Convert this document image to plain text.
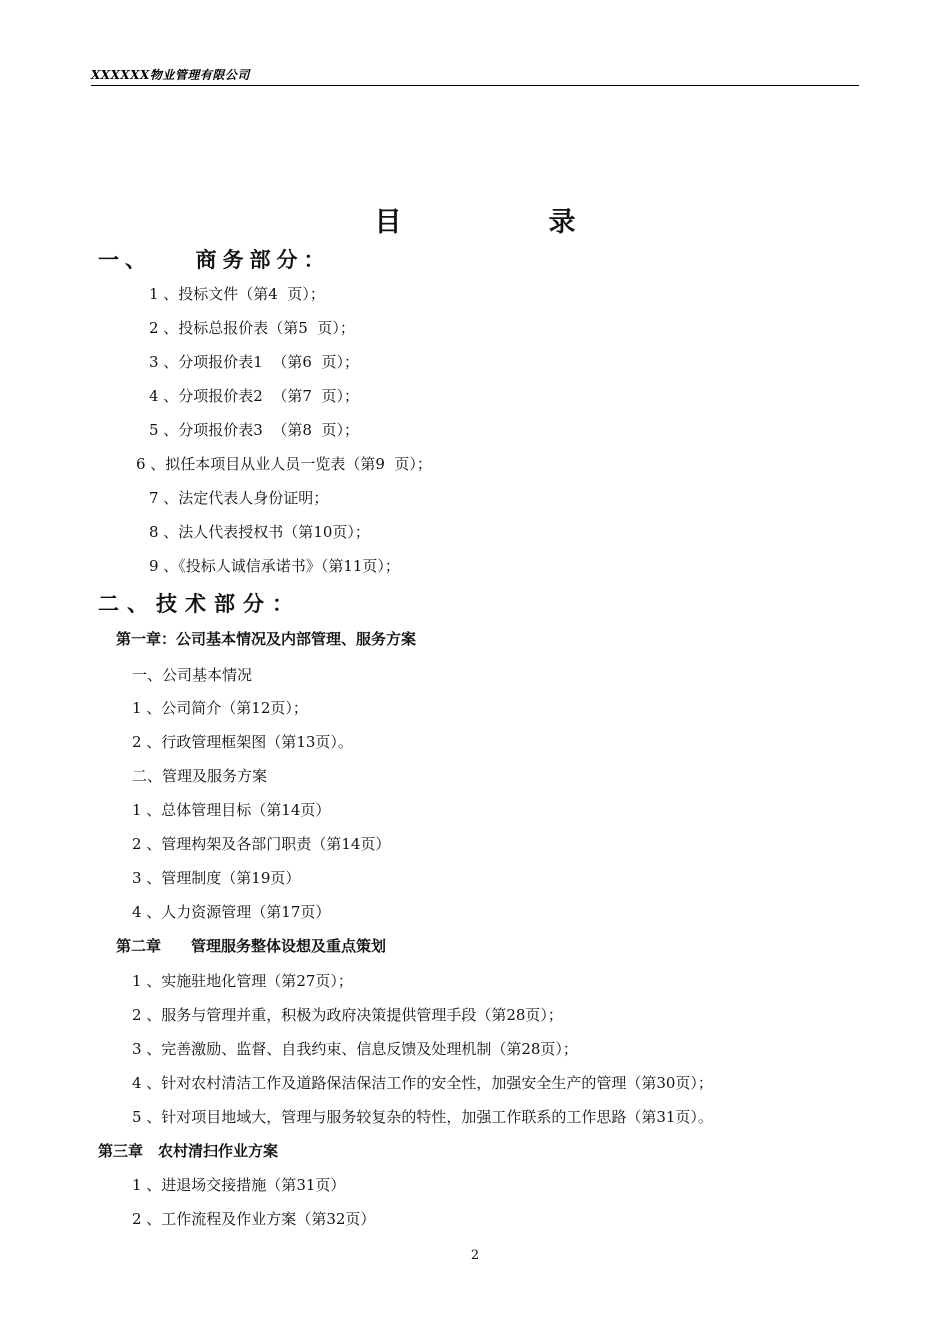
XXXXXX物业管理有限公司
目　录
一、　　商务部分：
1 、投标文件（第4  页）；
2 、投标总报价表（第5  页）；
3 、分项报价表1  （第6  页）；
4 、分项报价表2  （第7  页）；
5 、分项报价表3  （第8  页）；
6 、拟任本项目从业人员一览表（第9  页）；
7 、法定代表人身份证明；
8 、法人代表授权书（第10页）；
9 、《投标人诚信承诺书》（第11页）；
二、技术部分：
第一章：公司基本情况及内部管理、服务方案
一、公司基本情况
1 、公司简介（第12页）；
2 、行政管理框架图（第13页）。
二、管理及服务方案
1 、总体管理目标（第14页）
2 、管理构架及各部门职责（第14页）
3 、管理制度（第19页）
4 、人力资源管理（第17页）
第二章　　管理服务整体设想及重点策划
1 、实施驻地化管理（第27页）；
2 、服务与管理并重，积极为政府决策提供管理手段（第28页）；
3 、完善激励、监督、自我约束、信息反馈及处理机制（第28页）；
4 、针对农村清洁工作及道路保洁保洁工作的安全性，加强安全生产的管理（第30页）；
5 、针对项目地域大，管理与服务较复杂的特性，加强工作联系的工作思路（第31页）。
第三章　农村清扫作业方案
1 、进退场交接措施（第31页）
2 、工作流程及作业方案（第32页）
2
